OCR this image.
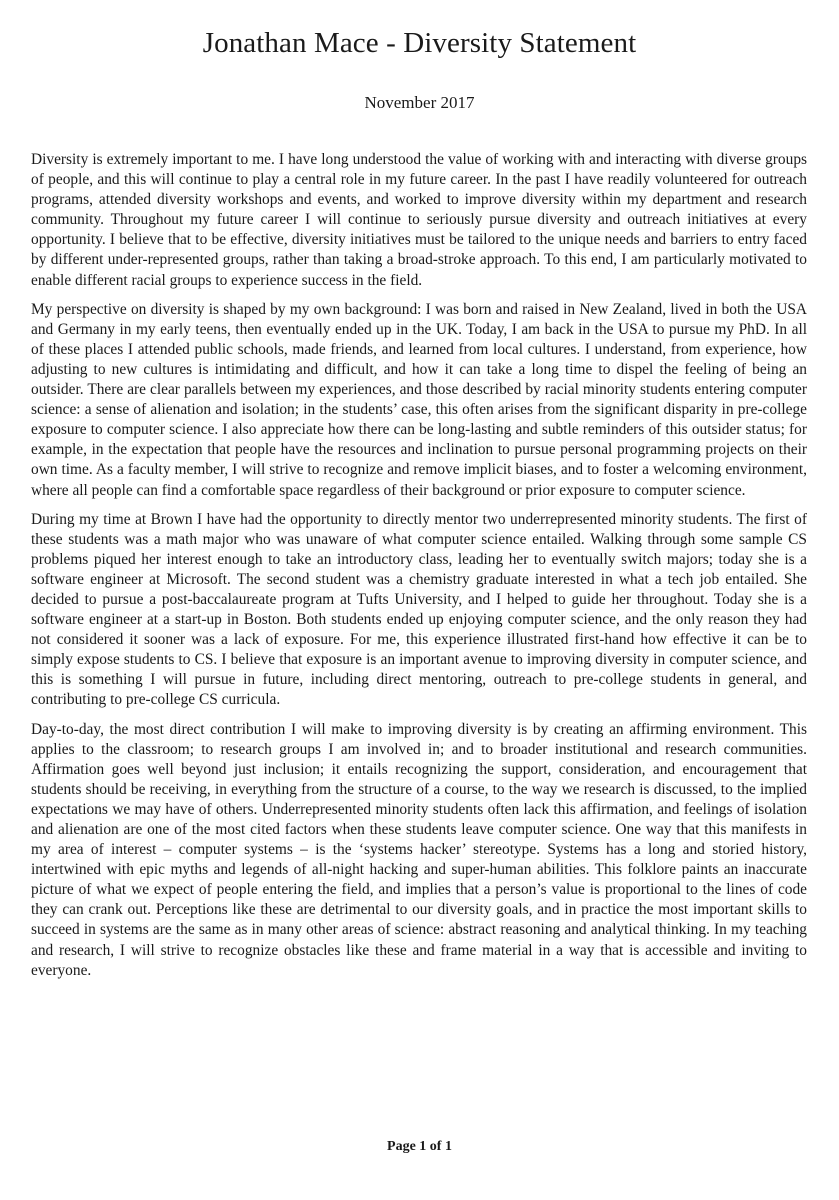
Jonathan Mace - Diversity Statement
November 2017

Diversity is extremely important to me. I have long understood the value of working with and interacting with diverse groups of people, and this will continue to play a central role in my future career. In the past I have readily volunteered for outreach programs, attended diversity workshops and events, and worked to improve diversity within my department and research community. Throughout my future career I will continue to seriously pursue diversity and outreach initiatives at every opportunity. I believe that to be effective, diversity initiatives must be tailored to the unique needs and barriers to entry faced by different under-represented groups, rather than taking a broad-stroke approach. To this end, I am particularly motivated to enable different racial groups to experience success in the field.

My perspective on diversity is shaped by my own background: I was born and raised in New Zealand, lived in both the USA and Germany in my early teens, then eventually ended up in the UK. Today, I am back in the USA to pursue my PhD. In all of these places I attended public schools, made friends, and learned from local cultures. I understand, from experience, how adjusting to new cultures is intimidating and difficult, and how it can take a long time to dispel the feeling of being an outsider. There are clear parallels between my experiences, and those described by racial minority students entering computer science: a sense of alienation and isolation; in the students’ case, this often arises from the significant disparity in pre-college exposure to computer science. I also appreciate how there can be long-lasting and subtle reminders of this outsider status; for example, in the expectation that people have the resources and inclination to pursue personal programming projects on their own time. As a faculty member, I will strive to recognize and remove implicit biases, and to foster a welcoming environment, where all people can find a comfortable space regardless of their background or prior exposure to computer science.

During my time at Brown I have had the opportunity to directly mentor two underrepresented minority students. The first of these students was a math major who was unaware of what computer science entailed. Walking through some sample CS problems piqued her interest enough to take an introductory class, leading her to eventually switch majors; today she is a software engineer at Microsoft. The second student was a chemistry graduate interested in what a tech job entailed. She decided to pursue a post-baccalaureate program at Tufts University, and I helped to guide her throughout. Today she is a software engineer at a start-up in Boston. Both students ended up enjoying computer science, and the only reason they had not considered it sooner was a lack of exposure. For me, this experience illustrated first-hand how effective it can be to simply expose students to CS. I believe that exposure is an important avenue to improving diversity in computer science, and this is something I will pursue in future, including direct mentoring, outreach to pre-college students in general, and contributing to pre-college CS curricula.

Day-to-day, the most direct contribution I will make to improving diversity is by creating an affirming environment. This applies to the classroom; to research groups I am involved in; and to broader institutional and research communities. Affirmation goes well beyond just inclusion; it entails recognizing the support, consideration, and encouragement that students should be receiving, in everything from the structure of a course, to the way we research is discussed, to the implied expectations we may have of others. Underrepresented minority students often lack this affirmation, and feelings of isolation and alienation are one of the most cited factors when these students leave computer science. One way that this manifests in my area of interest – computer systems – is the ‘systems hacker’ stereotype. Systems has a long and storied history, intertwined with epic myths and legends of all-night hacking and super-human abilities. This folklore paints an inaccurate picture of what we expect of people entering the field, and implies that a person’s value is proportional to the lines of code they can crank out. Perceptions like these are detrimental to our diversity goals, and in practice the most important skills to succeed in systems are the same as in many other areas of science: abstract reasoning and analytical thinking. In my teaching and research, I will strive to recognize obstacles like these and frame material in a way that is accessible and inviting to everyone.

Page 1 of 1
